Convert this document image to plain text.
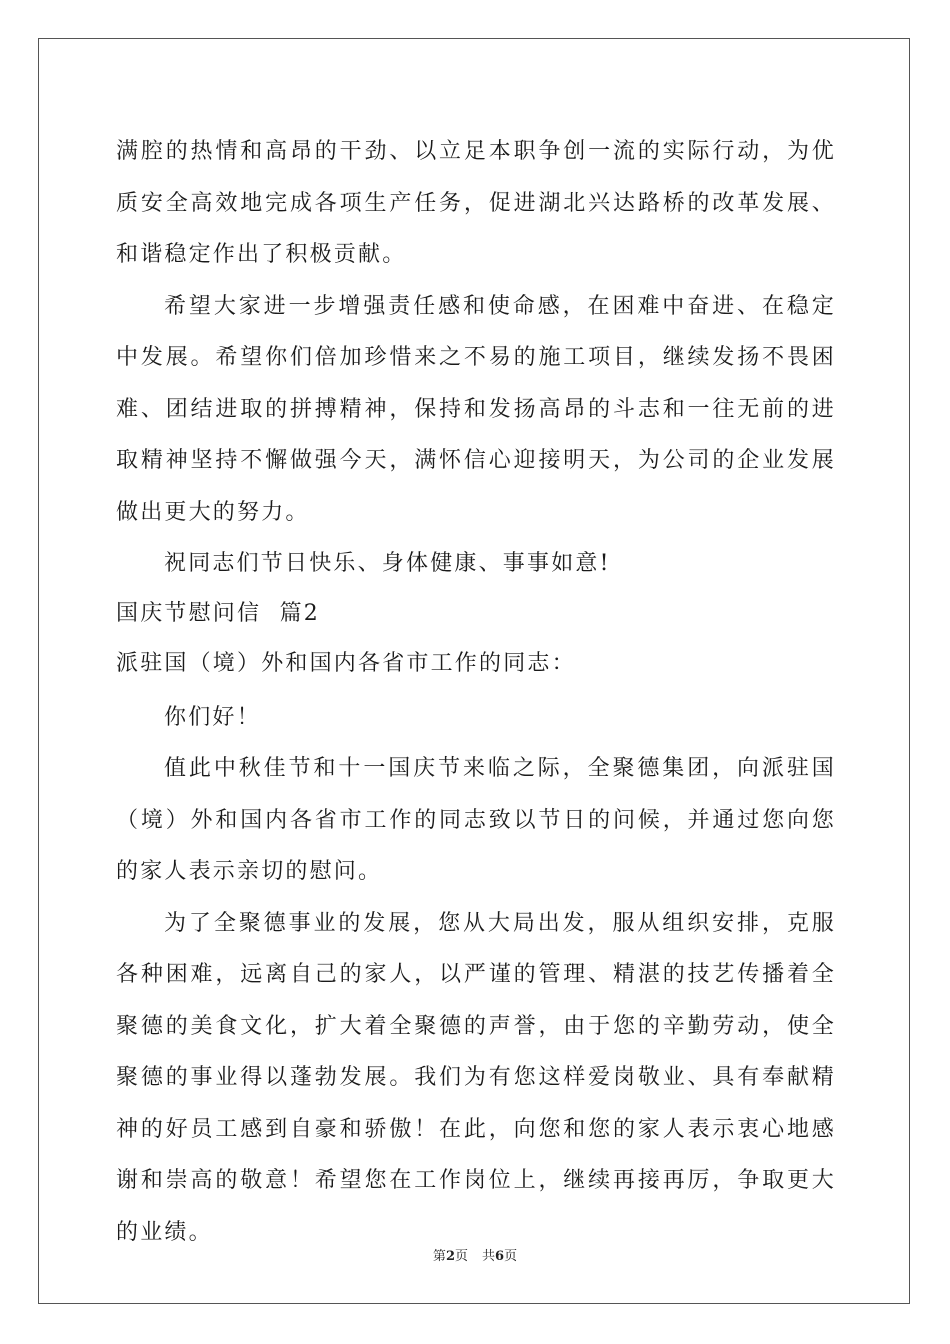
满腔的热情和高昂的干劲、以立足本职争创一流的实际行动，为优质安全高效地完成各项生产任务，促进湖北兴达路桥的改革发展、和谐稳定作出了积极贡献。

希望大家进一步增强责任感和使命感，在困难中奋进、在稳定中发展。希望你们倍加珍惜来之不易的施工项目，继续发扬不畏困难、团结进取的拼搏精神，保持和发扬高昂的斗志和一往无前的进取精神坚持不懈做强今天，满怀信心迎接明天，为公司的企业发展做出更大的努力。

祝同志们节日快乐、身体健康、事事如意!

国庆节慰问信  篇2

派驻国（境）外和国内各省市工作的同志：

你们好！

值此中秋佳节和十一国庆节来临之际，全聚德集团，向派驻国（境）外和国内各省市工作的同志致以节日的问候，并通过您向您的家人表示亲切的慰问。

为了全聚德事业的发展，您从大局出发，服从组织安排，克服各种困难，远离自己的家人，以严谨的管理、精湛的技艺传播着全聚德的美食文化，扩大着全聚德的声誉，由于您的辛勤劳动，使全聚德的事业得以蓬勃发展。我们为有您这样爱岗敬业、具有奉献精神的好员工感到自豪和骄傲！在此，向您和您的家人表示衷心地感谢和崇高的敬意！希望您在工作岗位上，继续再接再厉，争取更大的业绩。

第2页 共6页
